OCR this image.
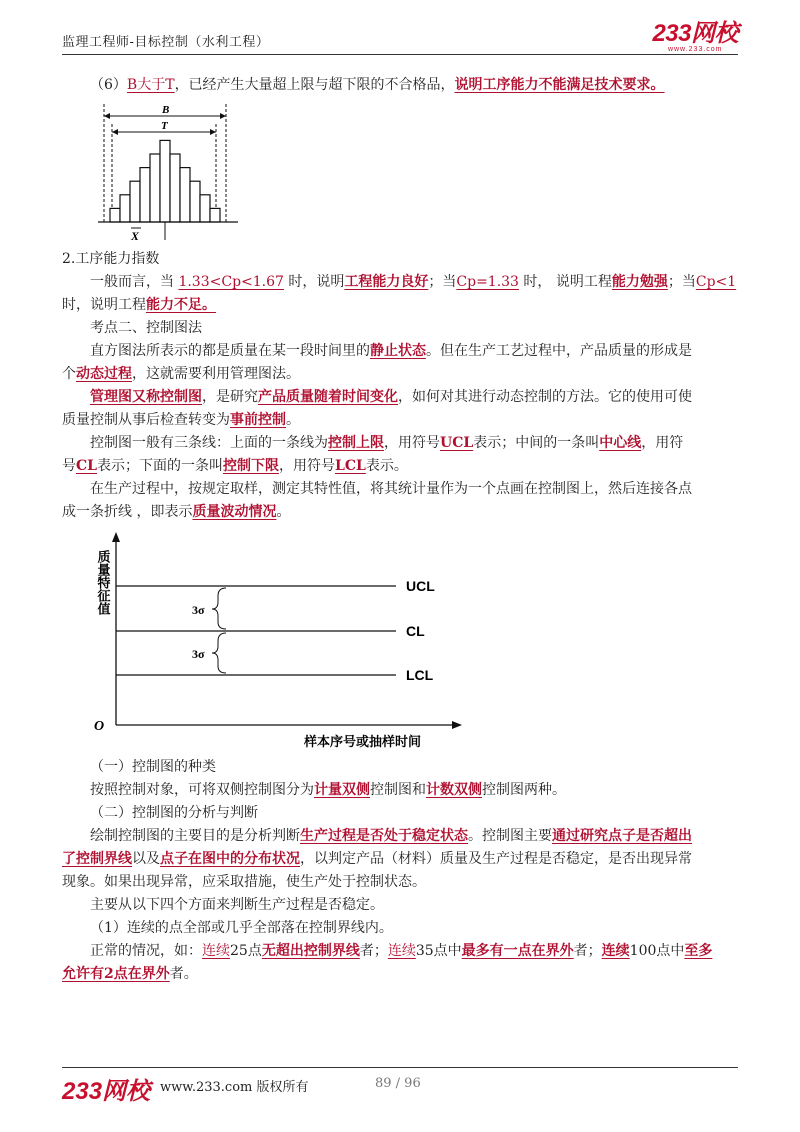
监理工程师-目标控制（水利工程）	233网校
www.233.com

（6）B大于T，已经产生大量超上限与超下限的不合格品，说明工序能力不能满足技术要求。

B
T
X

2.工序能力指数

一般而言，当 1.33<Cp<1.67 时，说明工程能力良好；当Cp=1.33 时， 说明工程能力勉强；当Cp<1

时，说明工程能力不足。

考点二、控制图法

直方图法所表示的都是质量在某一段时间里的静止状态。但在生产工艺过程中，产品质量的形成是

个动态过程，这就需要利用管理图法。

管理图又称控制图，是研究产品质量随着时间变化，如何对其进行动态控制的方法。它的使用可使

质量控制从事后检查转变为事前控制。

控制图一般有三条线：上面的一条线为控制上限，用符号UCL表示；中间的一条叫中心线，用符

号CL表示；下面的一条叫控制下限，用符号LCL表示。

在生产过程中，按规定取样，测定其特性值，将其统计量作为一个点画在控制图上，然后连接各点

成一条折线 ，即表示质量波动情况。

3σ
3σ
UCL
CL
LCL
O
样本序号或抽样时间
质量特征值

（一）控制图的种类

按照控制对象，可将双侧控制图分为计量双侧控制图和计数双侧控制图两种。

（二）控制图的分析与判断

绘制控制图的主要目的是分析判断生产过程是否处于稳定状态。控制图主要通过研究点子是否超出

了控制界线以及点子在图中的分布状况，以判定产品（材料）质量及生产过程是否稳定，是否出现异常

现象。如果出现异常，应采取措施，使生产处于控制状态。

主要从以下四个方面来判断生产过程是否稳定。

（1）连续的点全部或几乎全部落在控制界线内。

正常的情况，如：连续25点无超出控制界线者；连续35点中最多有一点在界外者；连续100点中至多

允许有2点在界外者。

233网校 www.233.com 版权所有	89 / 96
